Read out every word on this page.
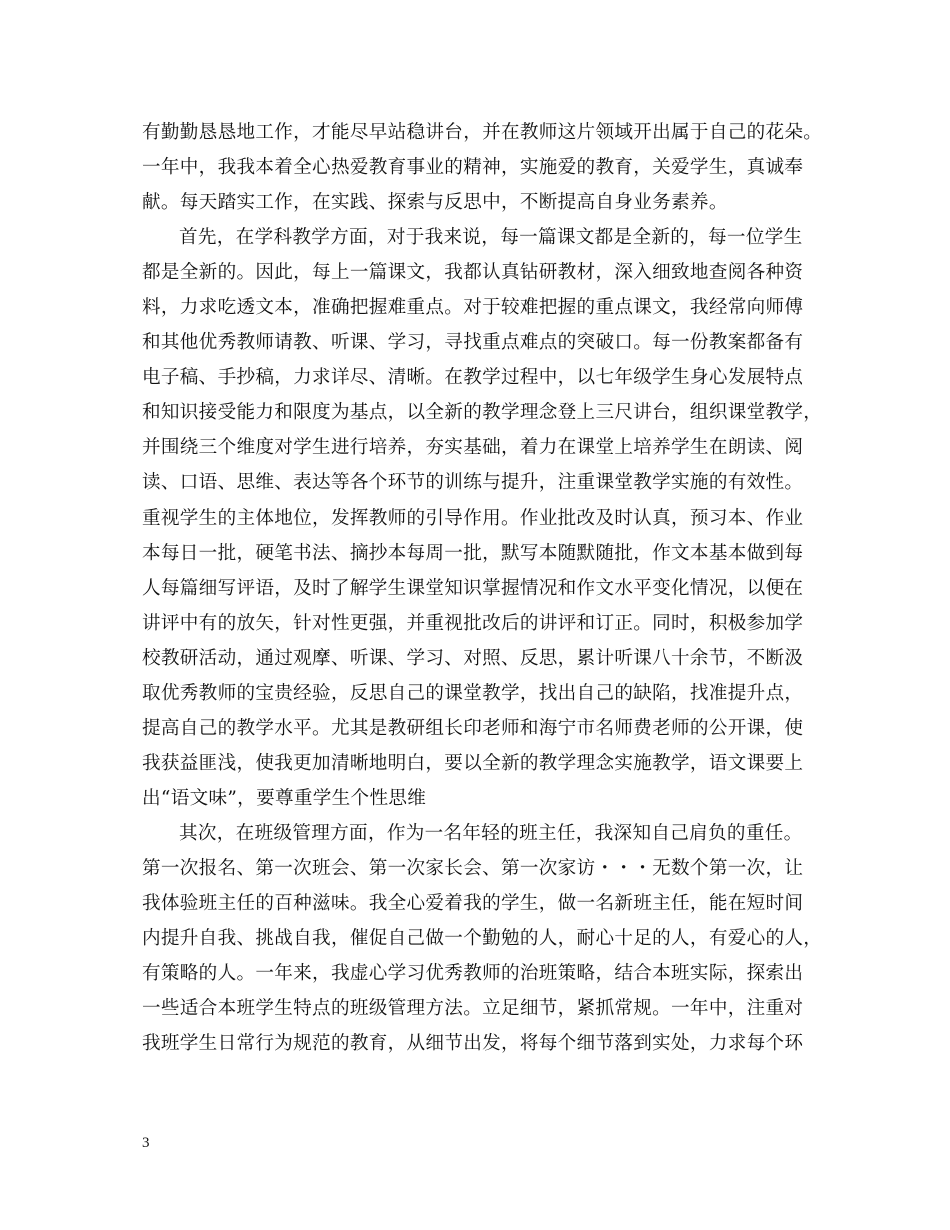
有勤勤恳恳地工作，才能尽早站稳讲台，并在教师这片领域开出属于自己的花朵。
一年中，我我本着全心热爱教育事业的精神，实施爱的教育，关爱学生，真诚奉
献。每天踏实工作，在实践、探索与反思中，不断提高自身业务素养。
首先，在学科教学方面，对于我来说，每一篇课文都是全新的，每一位学生
都是全新的。因此，每上一篇课文，我都认真钻研教材，深入细致地查阅各种资
料，力求吃透文本，准确把握难重点。对于较难把握的重点课文，我经常向师傅
和其他优秀教师请教、听课、学习，寻找重点难点的突破口。每一份教案都备有
电子稿、手抄稿，力求详尽、清晰。在教学过程中，以七年级学生身心发展特点
和知识接受能力和限度为基点，以全新的教学理念登上三尺讲台，组织课堂教学，
并围绕三个维度对学生进行培养，夯实基础，着力在课堂上培养学生在朗读、阅
读、口语、思维、表达等各个环节的训练与提升，注重课堂教学实施的有效性。
重视学生的主体地位，发挥教师的引导作用。作业批改及时认真，预习本、作业
本每日一批，硬笔书法、摘抄本每周一批，默写本随默随批，作文本基本做到每
人每篇细写评语，及时了解学生课堂知识掌握情况和作文水平变化情况，以便在
讲评中有的放矢，针对性更强，并重视批改后的讲评和订正。同时，积极参加学
校教研活动，通过观摩、听课、学习、对照、反思，累计听课八十余节，不断汲
取优秀教师的宝贵经验，反思自己的课堂教学，找出自己的缺陷，找准提升点，
提高自己的教学水平。尤其是教研组长印老师和海宁市名师费老师的公开课，使
我获益匪浅，使我更加清晰地明白，要以全新的教学理念实施教学，语文课要上
出“语文味”，要尊重学生个性思维
其次，在班级管理方面，作为一名年轻的班主任，我深知自己肩负的重任。
第一次报名、第一次班会、第一次家长会、第一次家访・・・无数个第一次，让
我体验班主任的百种滋味。我全心爱着我的学生，做一名新班主任，能在短时间
内提升自我、挑战自我，催促自己做一个勤勉的人，耐心十足的人，有爱心的人，
有策略的人。一年来，我虚心学习优秀教师的治班策略，结合本班实际，探索出
一些适合本班学生特点的班级管理方法。立足细节，紧抓常规。一年中，注重对
我班学生日常行为规范的教育，从细节出发，将每个细节落到实处，力求每个环
3
